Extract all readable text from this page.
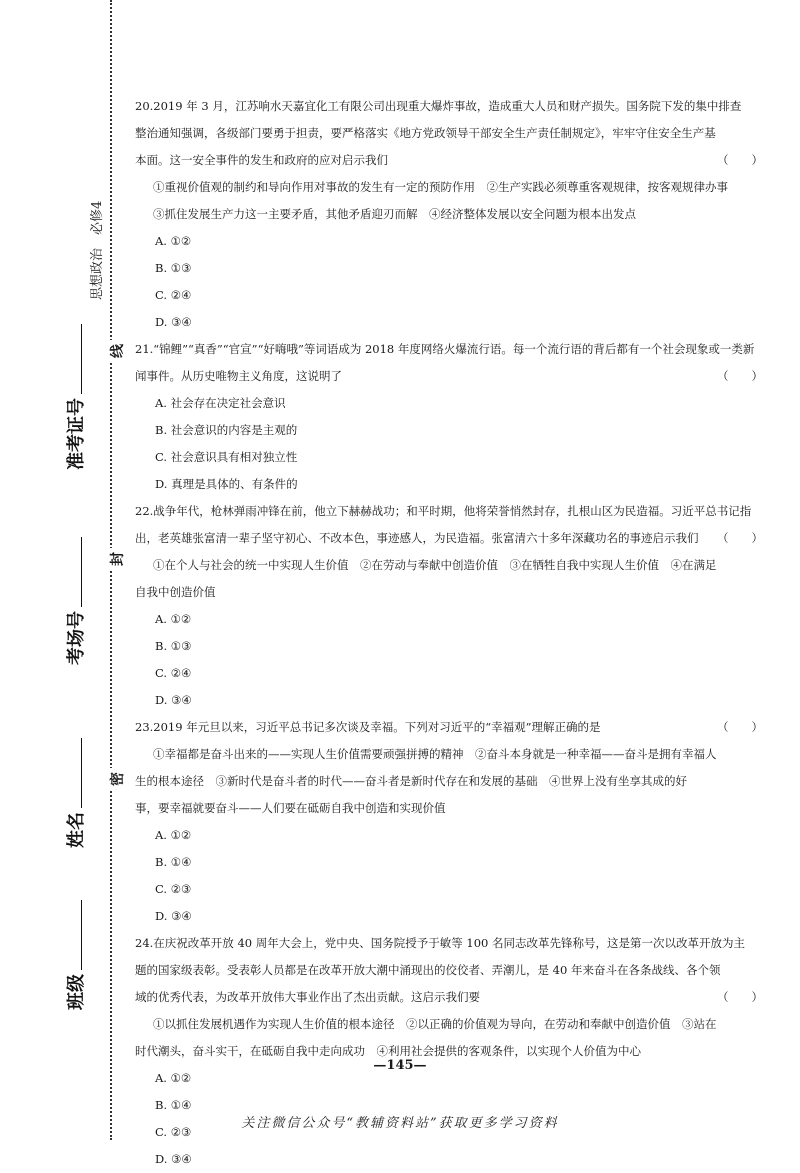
思想政治　必修4
准考证号
考场号
姓名
班级
线
封
密
20.2019 年 3 月，江苏响水天嘉宜化工有限公司出现重大爆炸事故，造成重大人员和财产损失。国务院下发的集中排查
整治通知强调，各级部门要勇于担责，要严格落实《地方党政领导干部安全生产责任制规定》，牢牢守住安全生产基
本面。这一安全事件的发生和政府的应对启示我们	（　　）
①重视价值观的制约和导向作用对事故的发生有一定的预防作用　②生产实践必须尊重客观规律，按客观规律办事
③抓住发展生产力这一主要矛盾，其他矛盾迎刃而解　④经济整体发展以安全问题为根本出发点
A. ①②
B. ①③
C. ②④
D. ③④
21.“锦鲤”“真香”“官宣”“好嗨哦”等词语成为 2018 年度网络火爆流行语。每一个流行语的背后都有一个社会现象或一类新
闻事件。从历史唯物主义角度，这说明了	（　　）
A. 社会存在决定社会意识
B. 社会意识的内容是主观的
C. 社会意识具有相对独立性
D. 真理是具体的、有条件的
22.战争年代，枪林弹雨冲锋在前，他立下赫赫战功；和平时期，他将荣誉悄然封存，扎根山区为民造福。习近平总书记指
出，老英雄张富清一辈子坚守初心、不改本色，事迹感人，为民造福。张富清六十多年深藏功名的事迹启示我们 （　　）
①在个人与社会的统一中实现人生价值　②在劳动与奉献中创造价值　③在牺牲自我中实现人生价值　④在满足
自我中创造价值
A. ①②
B. ①③
C. ②④
D. ③④
23.2019 年元旦以来，习近平总书记多次谈及幸福。下列对习近平的“幸福观”理解正确的是	（　　）
①幸福都是奋斗出来的——实现人生价值需要顽强拼搏的精神　②奋斗本身就是一种幸福——奋斗是拥有幸福人
生的根本途径　③新时代是奋斗者的时代——奋斗者是新时代存在和发展的基础　④世界上没有坐享其成的好
事，要幸福就要奋斗——人们要在砥砺自我中创造和实现价值
A. ①②
B. ①④
C. ②③
D. ③④
24.在庆祝改革开放 40 周年大会上，党中央、国务院授予于敏等 100 名同志改革先锋称号，这是第一次以改革开放为主
题的国家级表彰。受表彰人员都是在改革开放大潮中涌现出的佼佼者、弄潮儿，是 40 年来奋斗在各条战线、各个领
域的优秀代表，为改革开放伟大事业作出了杰出贡献。这启示我们要	（　　）
①以抓住发展机遇作为实现人生价值的根本途径　②以正确的价值观为导向，在劳动和奉献中创造价值　③站在
时代潮头，奋斗实干，在砥砺自我中走向成功　④利用社会提供的客观条件，以实现个人价值为中心
A. ①②
B. ①④
C. ②③
D. ③④
—145—
关注微信公众号“教辅资料站”获取更多学习资料
